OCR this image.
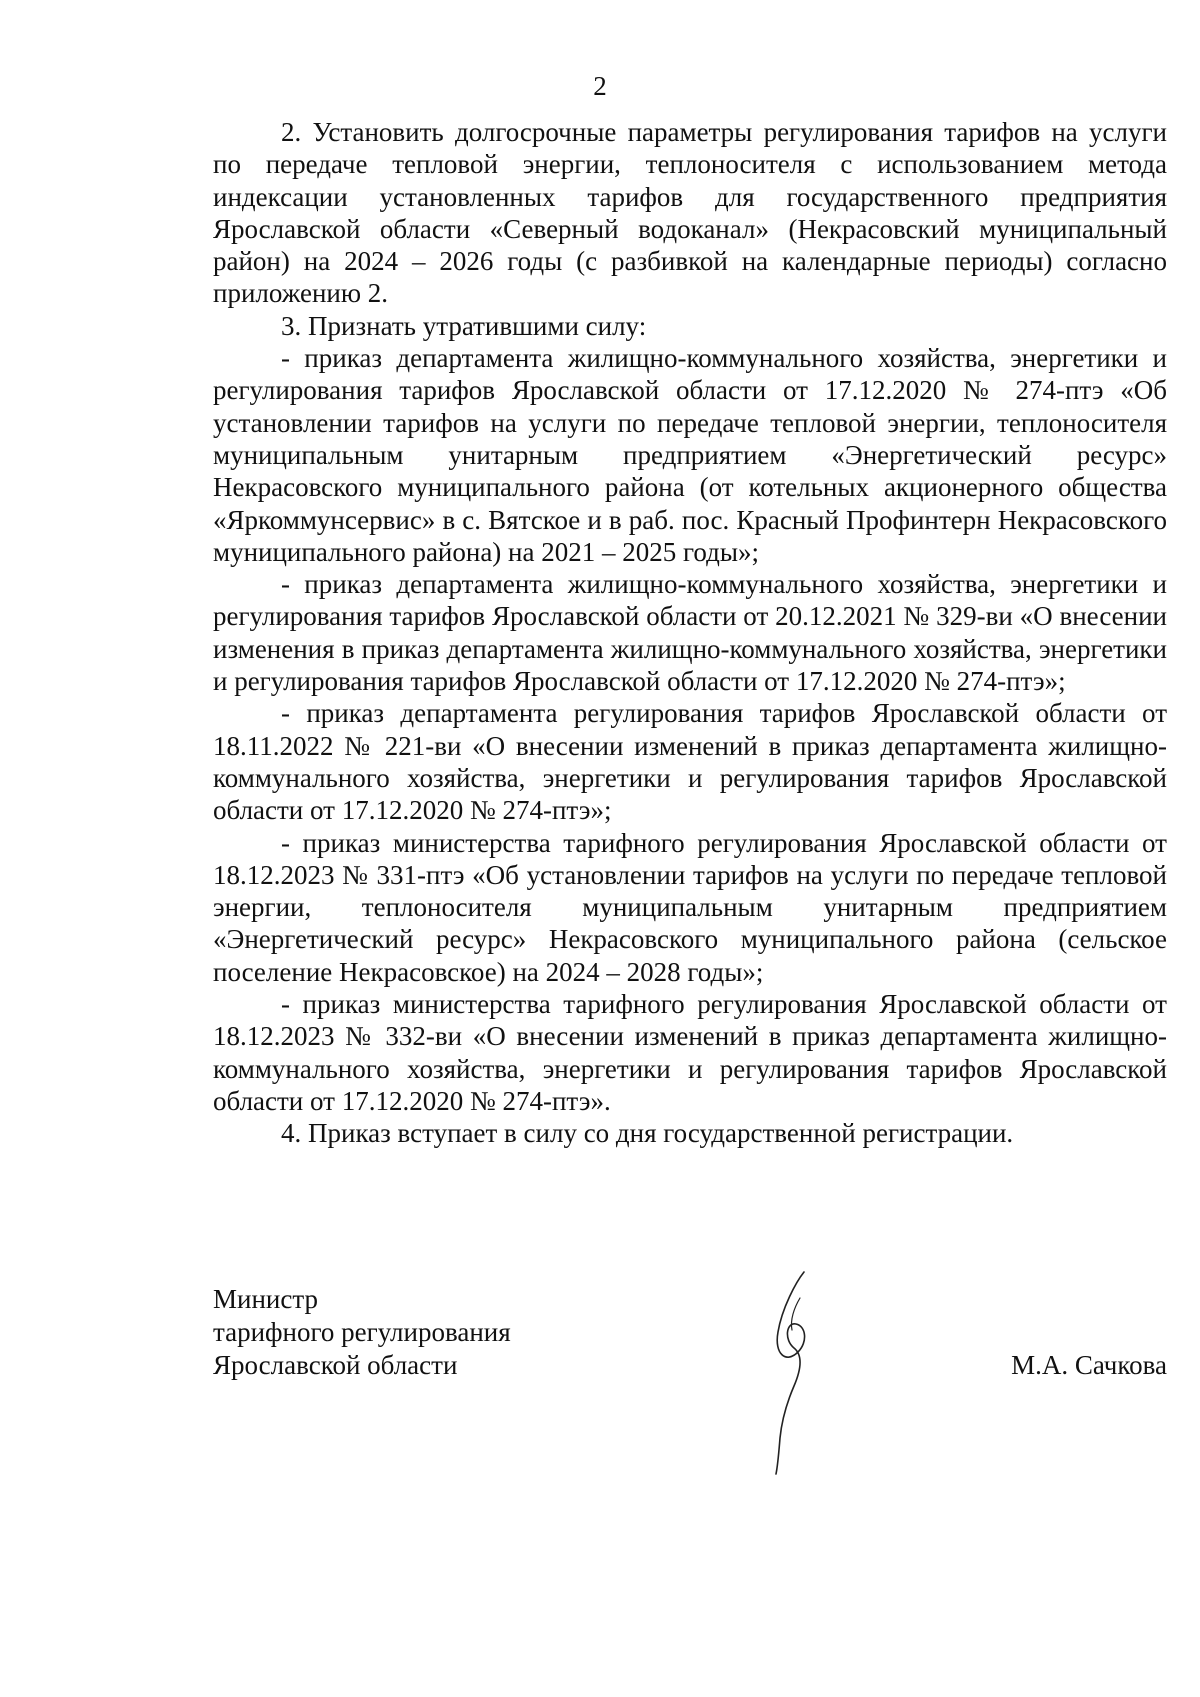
2

2. Установить долгосрочные параметры регулирования тарифов на услуги по передаче тепловой энергии, теплоносителя с использованием метода индексации установленных тарифов для государственного предприятия Ярославской области «Северный водоканал» (Некрасовский муниципальный район) на 2024 – 2026 годы (с разбивкой на календарные периоды) согласно приложению 2.

3. Признать утратившими силу:

- приказ департамента жилищно-коммунального хозяйства, энергетики и регулирования тарифов Ярославской области от 17.12.2020 № 274-птэ «Об установлении тарифов на услуги по передаче тепловой энергии, теплоносителя муниципальным унитарным предприятием «Энергетический ресурс» Некрасовского муниципального района (от котельных акционерного общества «Яркоммунсервис» в с. Вятское и в раб. пос. Красный Профинтерн Некрасовского муниципального района) на 2021 – 2025 годы»;

- приказ департамента жилищно-коммунального хозяйства, энергетики и регулирования тарифов Ярославской области от 20.12.2021 № 329-ви «О внесении изменения в приказ департамента жилищно-коммунального хозяйства, энергетики и регулирования тарифов Ярославской области от 17.12.2020 № 274-птэ»;

- приказ департамента регулирования тарифов Ярославской области от 18.11.2022 № 221-ви «О внесении изменений в приказ департамента жилищно-коммунального хозяйства, энергетики и регулирования тарифов Ярославской области от 17.12.2020 № 274-птэ»;

- приказ министерства тарифного регулирования Ярославской области от 18.12.2023 № 331-птэ «Об установлении тарифов на услуги по передаче тепловой энергии, теплоносителя муниципальным унитарным предприятием «Энергетический ресурс» Некрасовского муниципального района (сельское поселение Некрасовское) на 2024 – 2028 годы»;

- приказ министерства тарифного регулирования Ярославской области от 18.12.2023 № 332-ви «О внесении изменений в приказ департамента жилищно-коммунального хозяйства, энергетики и регулирования тарифов Ярославской области от 17.12.2020 № 274-птэ».

4. Приказ вступает в силу со дня государственной регистрации.

Министр
тарифного регулирования
Ярославской области	М.А. Сачкова
